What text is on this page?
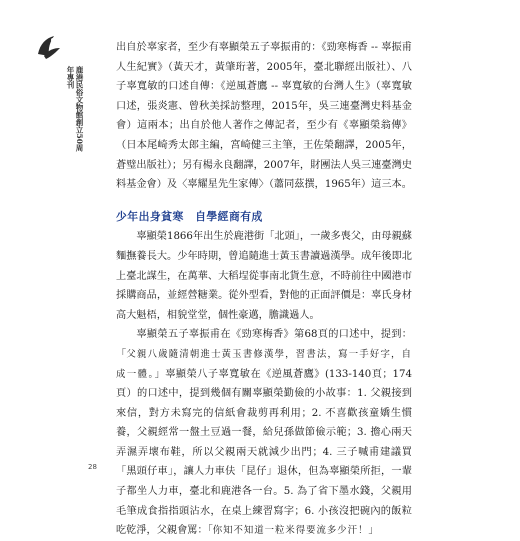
鹿港民俗文物館創立50周年專刊

出自於辜家者，至少有辜顯榮五子辜振甫的：《勁寒梅香 -- 辜振甫人生紀實》（黃天才，黃肇珩著，2005年，臺北聯經出版社）、八子辜寬敏的口述自傳：《逆風蒼鷹 -- 辜寬敏的台灣人生》（辜寬敏口述，張炎憲、曾秋美採訪整理，2015年，吳三連臺灣史料基金會）這兩本；出自於他人著作之傳記者，至少有《辜顯榮翁傳》（日本尾崎秀太郎主編，宮崎健三主筆，王佐榮翻譯，2005年，蒼璧出版社）；另有楊永良翻譯，2007年，財團法人吳三連臺灣史料基金會）及〈辜耀星先生家傳〉（蕭同茲撰，1965年）這三本。

少年出身貧寒　自學經商有成

辜顯榮1866年出生於鹿港街「北頭」，一歲多喪父，由母親蘇麵撫養長大。少年時期，曾追隨進士黃玉書讀過漢學。成年後即北上臺北謀生，在萬華、大稻埕從事南北貨生意，不時前往中國港市採購商品，並經營糖業。從外型看，對他的正面評價是：辜氏身材高大魁梧，相貌堂堂，個性豪邁，膽識過人。

辜顯榮五子辜振甫在《勁寒梅香》第68頁的口述中，提到：「父親八歲隨清朝進士黃玉書修漢學，習書法，寫一手好字，自成一體。」辜顯榮八子辜寬敏在《逆風蒼鷹》(133-140頁；174頁）的口述中，提到幾個有關辜顯榮勤儉的小故事：1. 父親接到來信，對方未寫完的信紙會裁剪再利用；2. 不喜歡孩童嬌生慣養，父親經常一盤土豆過一餐，給兒孫做節儉示範；3. 擔心兩天弄濕弄壞布鞋，所以父親兩天就減少出門；4. 三子喊甫建議買「黑頭仔車」，讓人力車伕「昆仔」退休，但為辜顯榮所拒，一輩子都坐人力車，臺北和鹿港各一台。5. 為了省下墨水錢，父親用毛筆成食指指頭沾水，在桌上練習寫字；6. 小孩沒把碗內的飯粒吃乾淨，父親會罵：「你知不知道一粒米得要流多少汗！」

28
